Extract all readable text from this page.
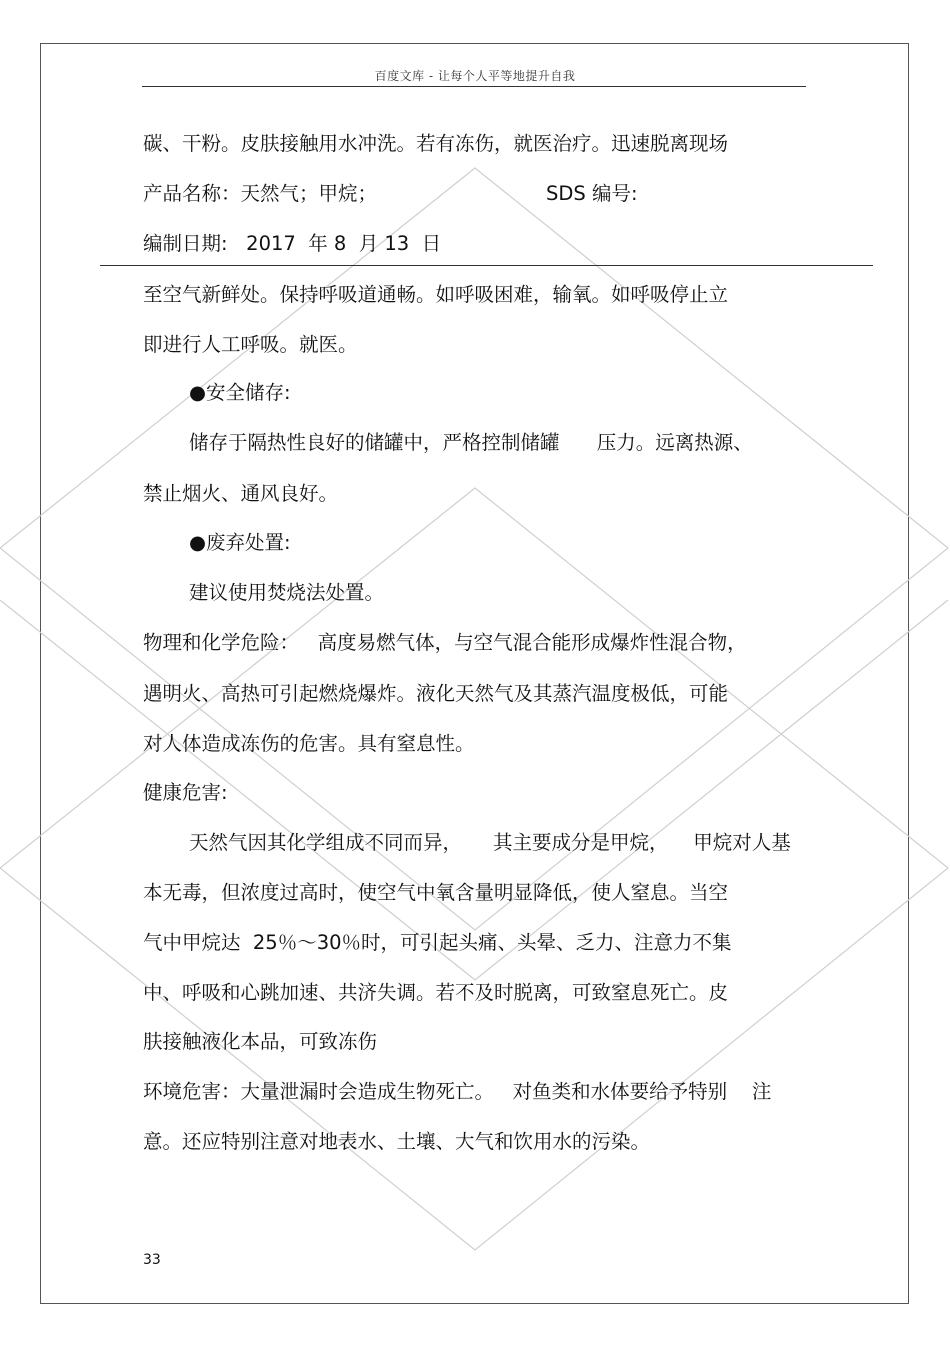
百度文库 - 让每个人平等地提升自我
碳、干粉。皮肤接触用水冲洗。若有冻伤，就医治疗。迅速脱离现场
产品名称：天然气；甲烷；	SDS 编号:
编制日期:   2017  年 8  月 13  日
至空气新鲜处。保持呼吸道通畅。如呼吸困难，输氧。如呼吸停止立
即进行人工呼吸。就医。
●安全储存:
储存于隔热性良好的储罐中，严格控制储罐      压力。远离热源、
禁止烟火、通风良好。
●废弃处置:
建议使用焚烧法处置。
物理和化学危险：   高度易燃气体，与空气混合能形成爆炸性混合物，
遇明火、高热可引起燃烧爆炸。液化天然气及其蒸汽温度极低，可能
对人体造成冻伤的危害。具有窒息性。
健康危害:
天然气因其化学组成不同而异，     其主要成分是甲烷，    甲烷对人基
本无毒，但浓度过高时，使空气中氧含量明显降低，使人窒息。当空
气中甲烷达  25％～30％时，可引起头痛、头晕、乏力、注意力不集
中、呼吸和心跳加速、共济失调。若不及时脱离，可致窒息死亡。皮
肤接触液化本品，可致冻伤
环境危害：大量泄漏时会造成生物死亡。   对鱼类和水体要给予特别    注
意。还应特别注意对地表水、土壤、大气和饮用水的污染。
33
